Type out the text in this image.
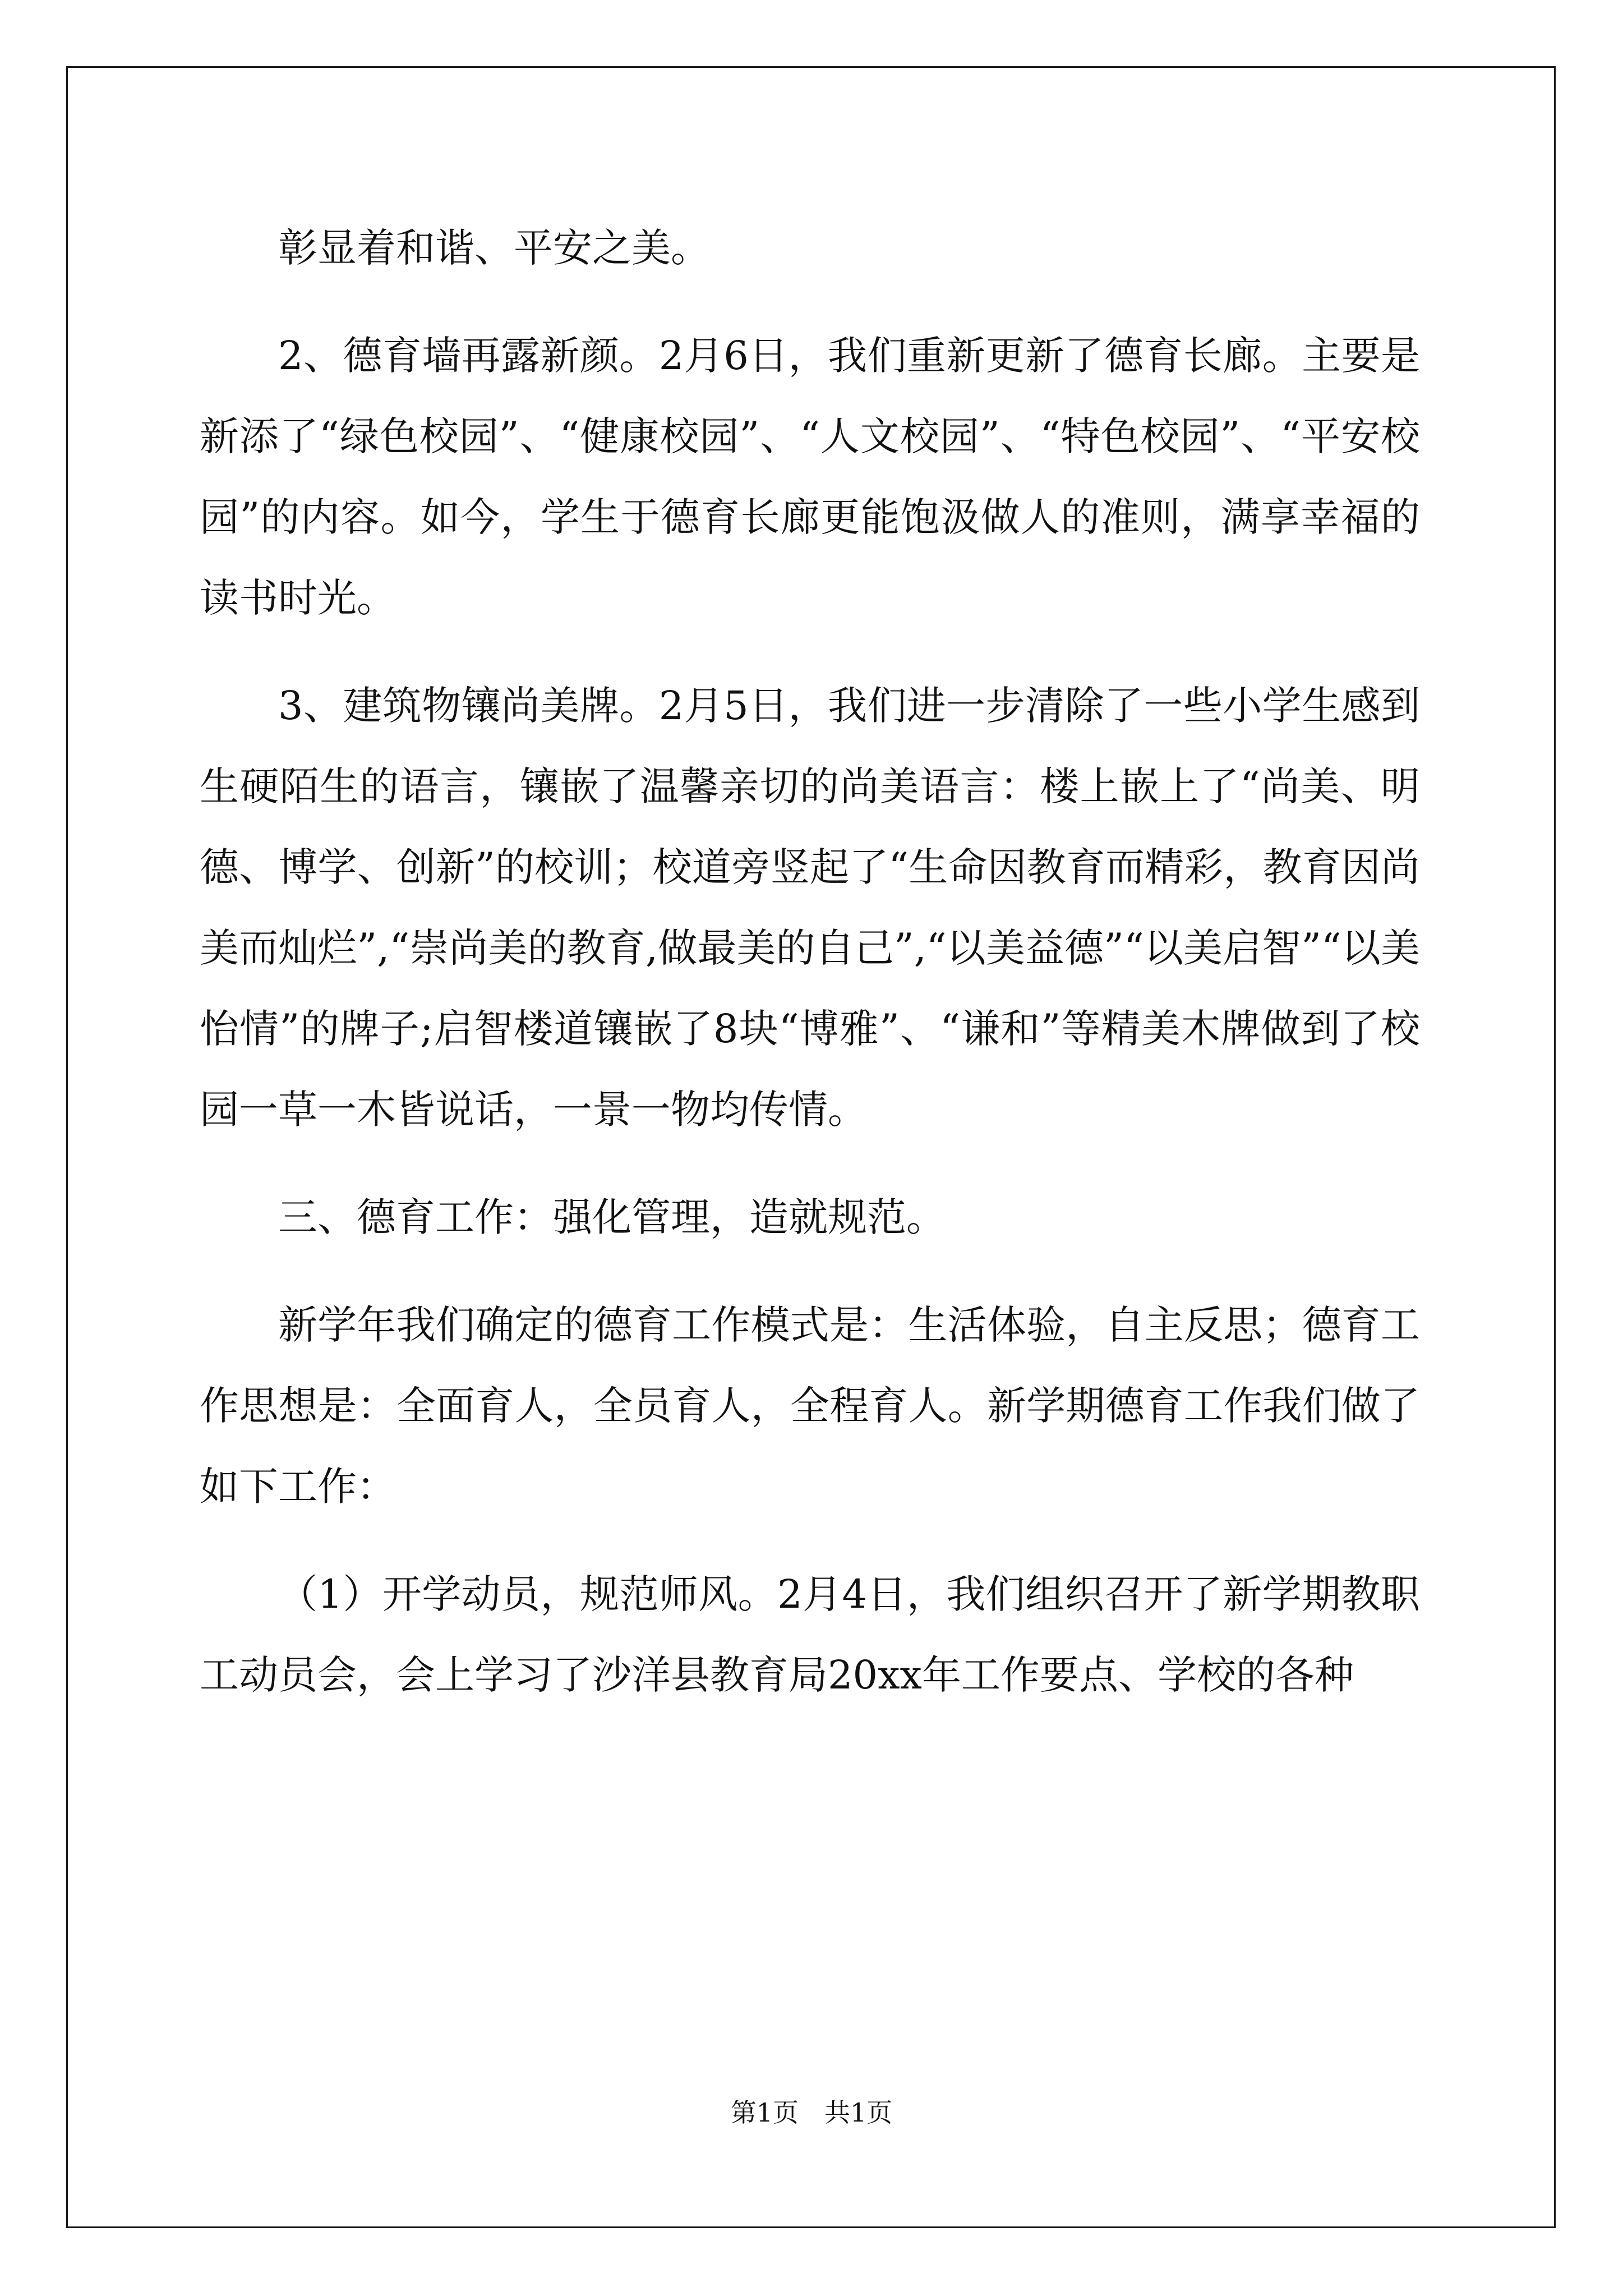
彰显着和谐、平安之美。

2、德育墙再露新颜。2月6日，我们重新更新了德育长廊。主要是新添了“绿色校园”、“健康校园”、“人文校园”、“特色校园”、“平安校园”的内容。如今，学生于德育长廊更能饱汲做人的准则，满享幸福的读书时光。

3、建筑物镶尚美牌。2月5日，我们进一步清除了一些小学生感到生硬陌生的语言，镶嵌了温馨亲切的尚美语言：楼上嵌上了“尚美、明德、博学、创新”的校训；校道旁竖起了“生命因教育而精彩，教育因尚美而灿烂”,“崇尚美的教育,做最美的自己”,“以美益德”“以美启智”“以美怡情”的牌子;启智楼道镶嵌了8块“博雅”、“谦和”等精美木牌做到了校园一草一木皆说话，一景一物均传情。

三、德育工作：强化管理，造就规范。

新学年我们确定的德育工作模式是：生活体验，自主反思；德育工作思想是：全面育人，全员育人，全程育人。新学期德育工作我们做了如下工作：

（1）开学动员，规范师风。2月4日，我们组织召开了新学期教职工动员会，会上学习了沙洋县教育局20xx年工作要点、学校的各种

第1页　共1页
